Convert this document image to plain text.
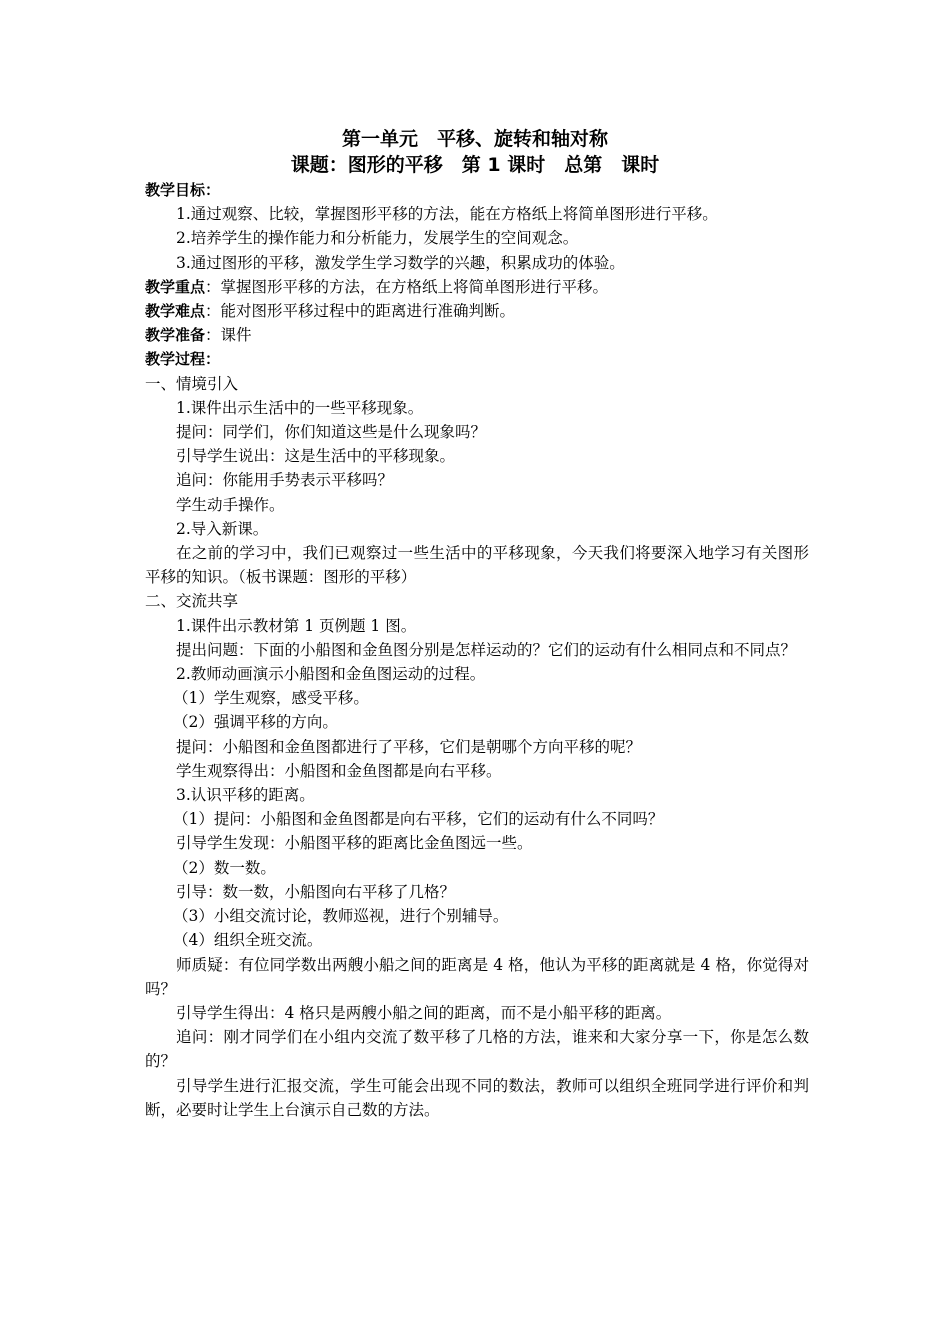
第一单元　平移、旋转和轴对称
课题：图形的平移　第 1 课时　总第　课时
教学目标：
1.通过观察、比较，掌握图形平移的方法，能在方格纸上将简单图形进行平移。
2.培养学生的操作能力和分析能力，发展学生的空间观念。
3.通过图形的平移，激发学生学习数学的兴趣，积累成功的体验。
教学重点：掌握图形平移的方法，在方格纸上将简单图形进行平移。
教学难点：能对图形平移过程中的距离进行准确判断。
教学准备：课件
教学过程：
一、情境引入
1.课件出示生活中的一些平移现象。
提问：同学们，你们知道这些是什么现象吗？
引导学生说出：这是生活中的平移现象。
追问：你能用手势表示平移吗？
学生动手操作。
2.导入新课。
在之前的学习中，我们已观察过一些生活中的平移现象，今天我们将要深入地学习有关图形平移的知识。（板书课题：图形的平移）
二、交流共享
1.课件出示教材第 1 页例题 1 图。
提出问题：下面的小船图和金鱼图分别是怎样运动的？它们的运动有什么相同点和不同点？
2.教师动画演示小船图和金鱼图运动的过程。
（1）学生观察，感受平移。
（2）强调平移的方向。
提问：小船图和金鱼图都进行了平移，它们是朝哪个方向平移的呢？
学生观察得出：小船图和金鱼图都是向右平移。
3.认识平移的距离。
（1）提问：小船图和金鱼图都是向右平移，它们的运动有什么不同吗？
引导学生发现：小船图平移的距离比金鱼图远一些。
（2）数一数。
引导：数一数，小船图向右平移了几格？
（3）小组交流讨论，教师巡视，进行个别辅导。
（4）组织全班交流。
师质疑：有位同学数出两艘小船之间的距离是 4 格，他认为平移的距离就是 4 格，你觉得对吗？
引导学生得出：4 格只是两艘小船之间的距离，而不是小船平移的距离。
追问：刚才同学们在小组内交流了数平移了几格的方法，谁来和大家分享一下，你是怎么数的？
引导学生进行汇报交流，学生可能会出现不同的数法，教师可以组织全班同学进行评价和判断，必要时让学生上台演示自己数的方法。
